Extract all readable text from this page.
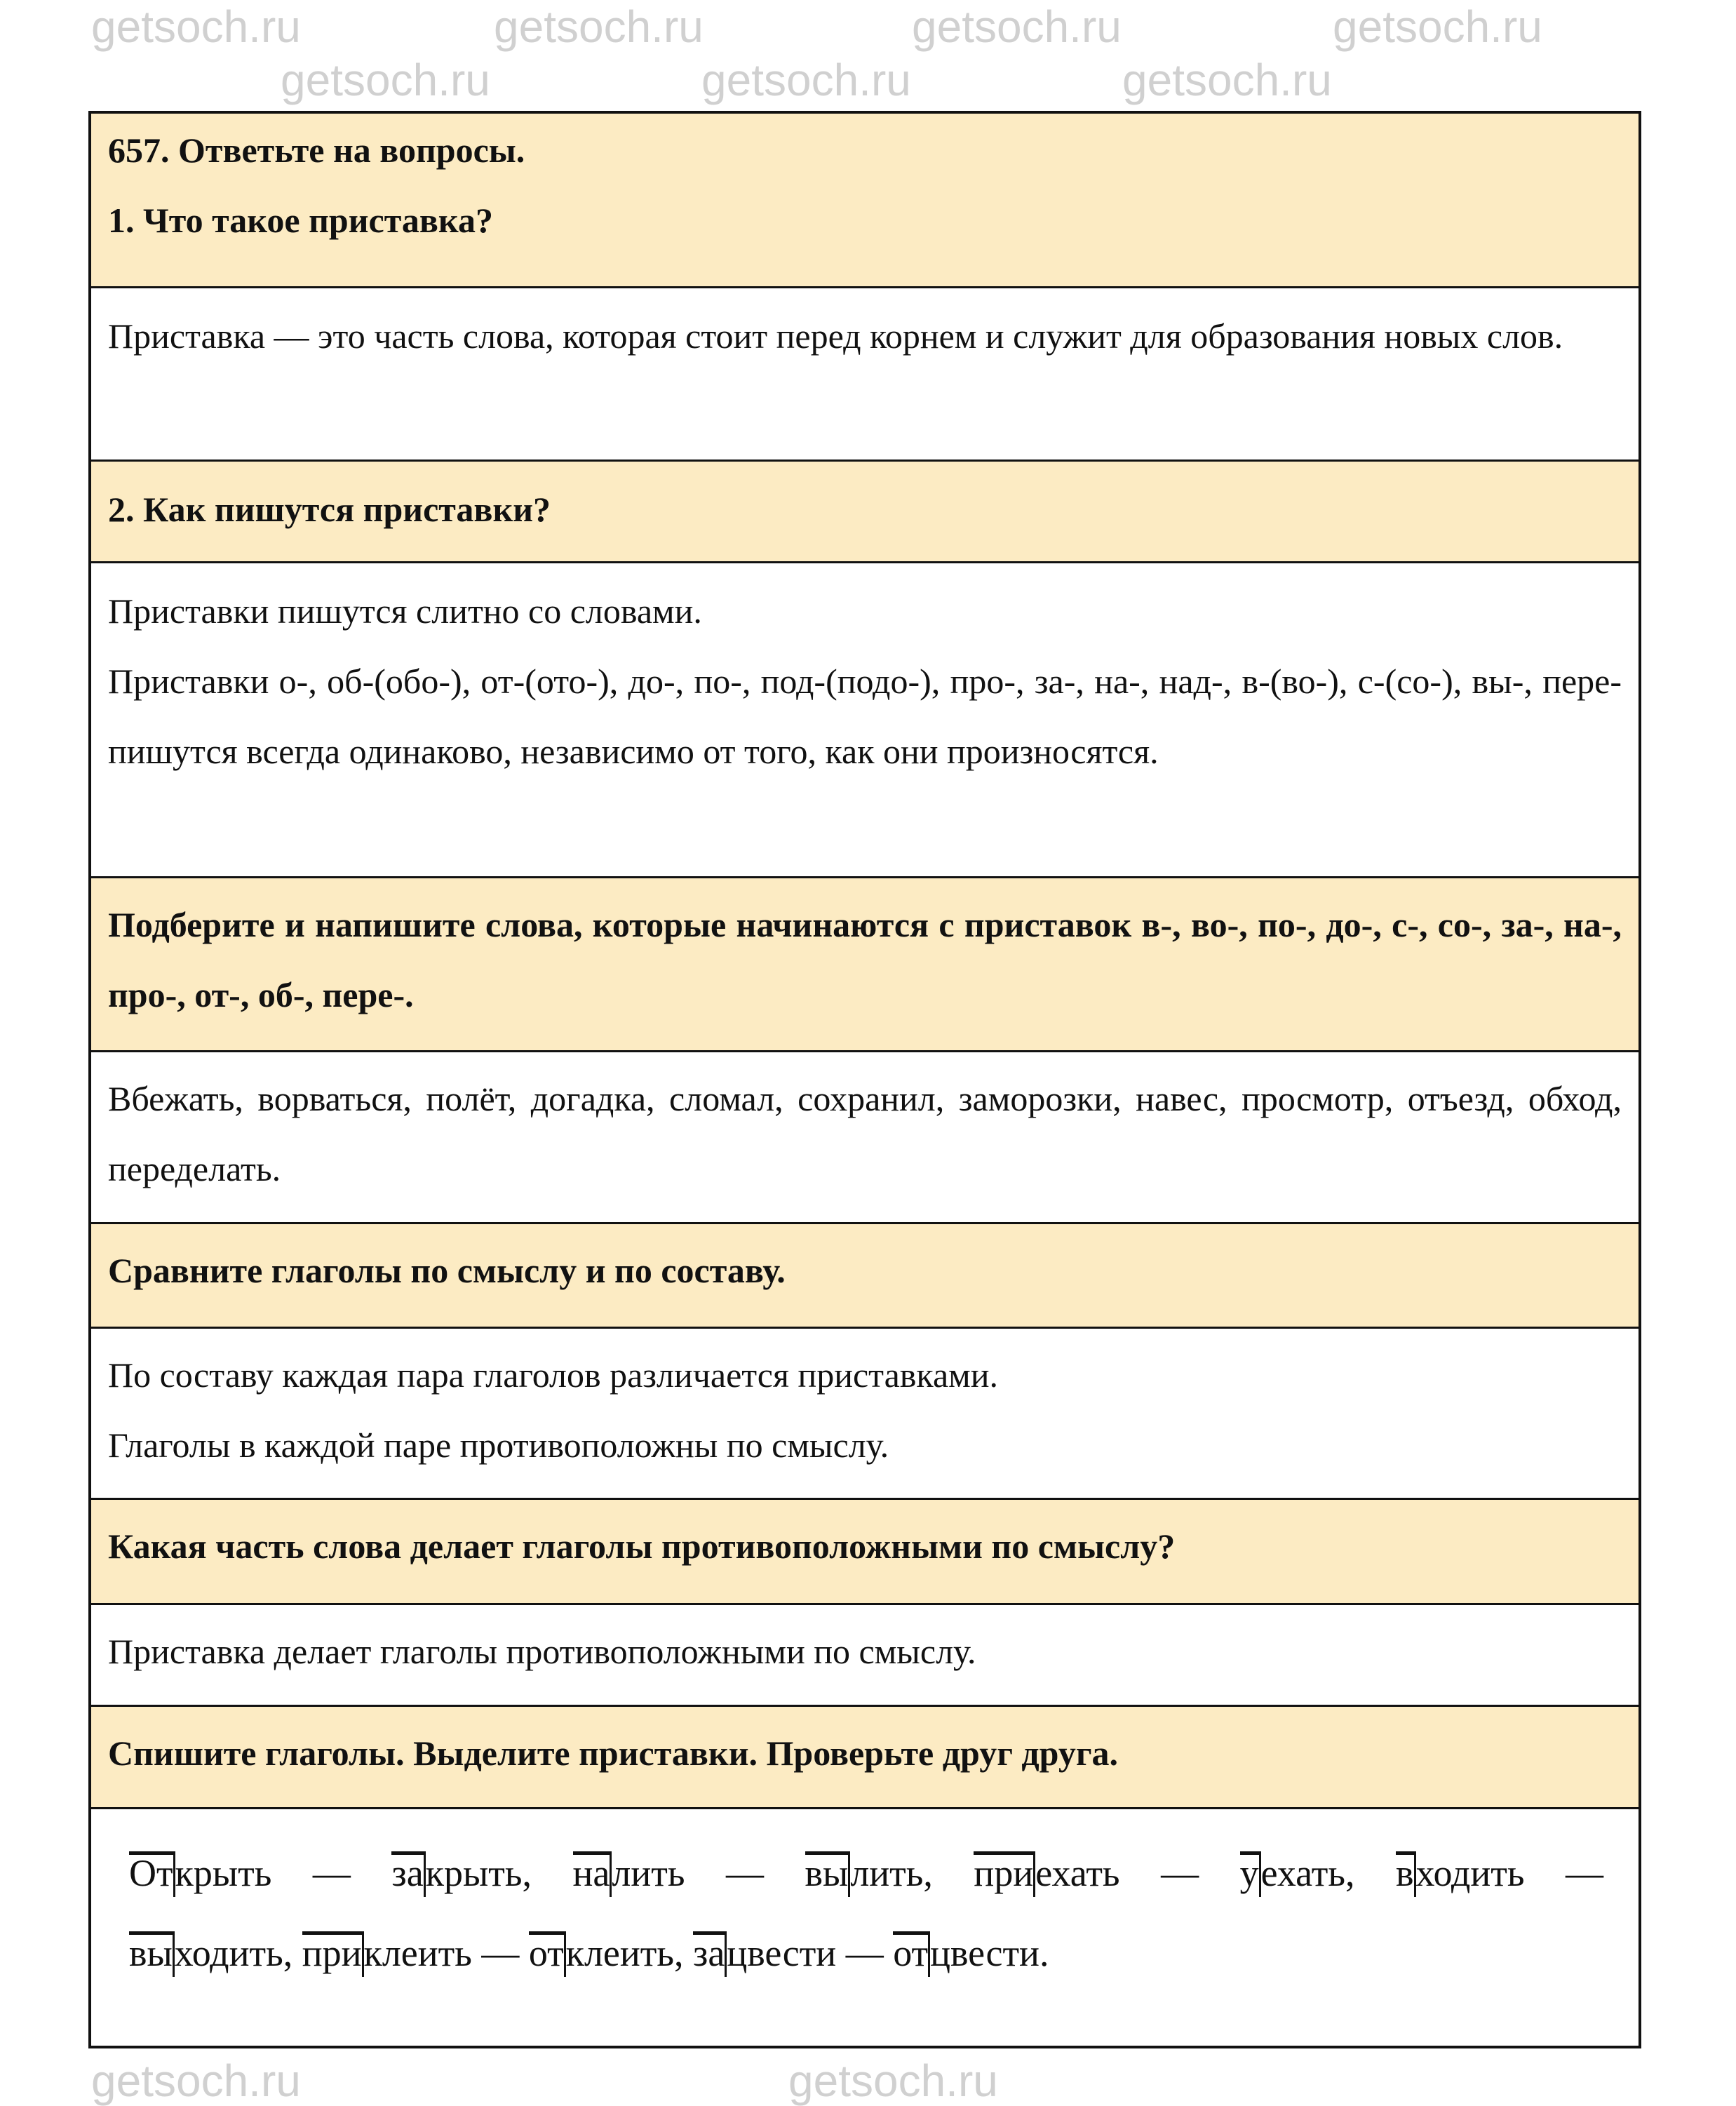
getsoch.ru	getsoch.ru
getsoch.ru	getsoch.ru
getsoch.ru	getsoch.ru	getsoch.ru
getsoch.ru	getsoch.ru

657. Ответьте на вопросы.

1. Что такое приставка?

Приставка — это часть слова, которая стоит перед корнем и служит для образования новых слов.

2. Как пишутся приставки?

Приставки пишутся слитно со словами.

Приставки о-, об-(обо-), от-(ото-), до-, по-, под-(подо-), про-, за-, на-, над-, в-(во-), с-(со-), вы-, пере- пишутся всегда одинаково, независимо от того, как они произносятся.

Подберите и напишите слова, которые начинаются с приставок в-, во-, по-, до-, с-, со-, за-, на-, про-, от-, об-, пере-.

Вбежать, ворваться, полёт, догадка, сломал, сохранил, заморозки, навес, просмотр, отъезд, обход, переделать.

Сравните глаголы по смыслу и по составу.

По составу каждая пара глаголов различается приставками.

Глаголы в каждой паре противоположны по смыслу.

Какая часть слова делает глаголы противоположными по смыслу?

Приставка делает глаголы противоположными по смыслу.

Спишите глаголы. Выделите приставки. Проверьте друг друга.

Открыть — закрыть, налить — вылить, приехать — уехать, входить —

выходить, приклеить — отклеить, зацвести — отцвести.
